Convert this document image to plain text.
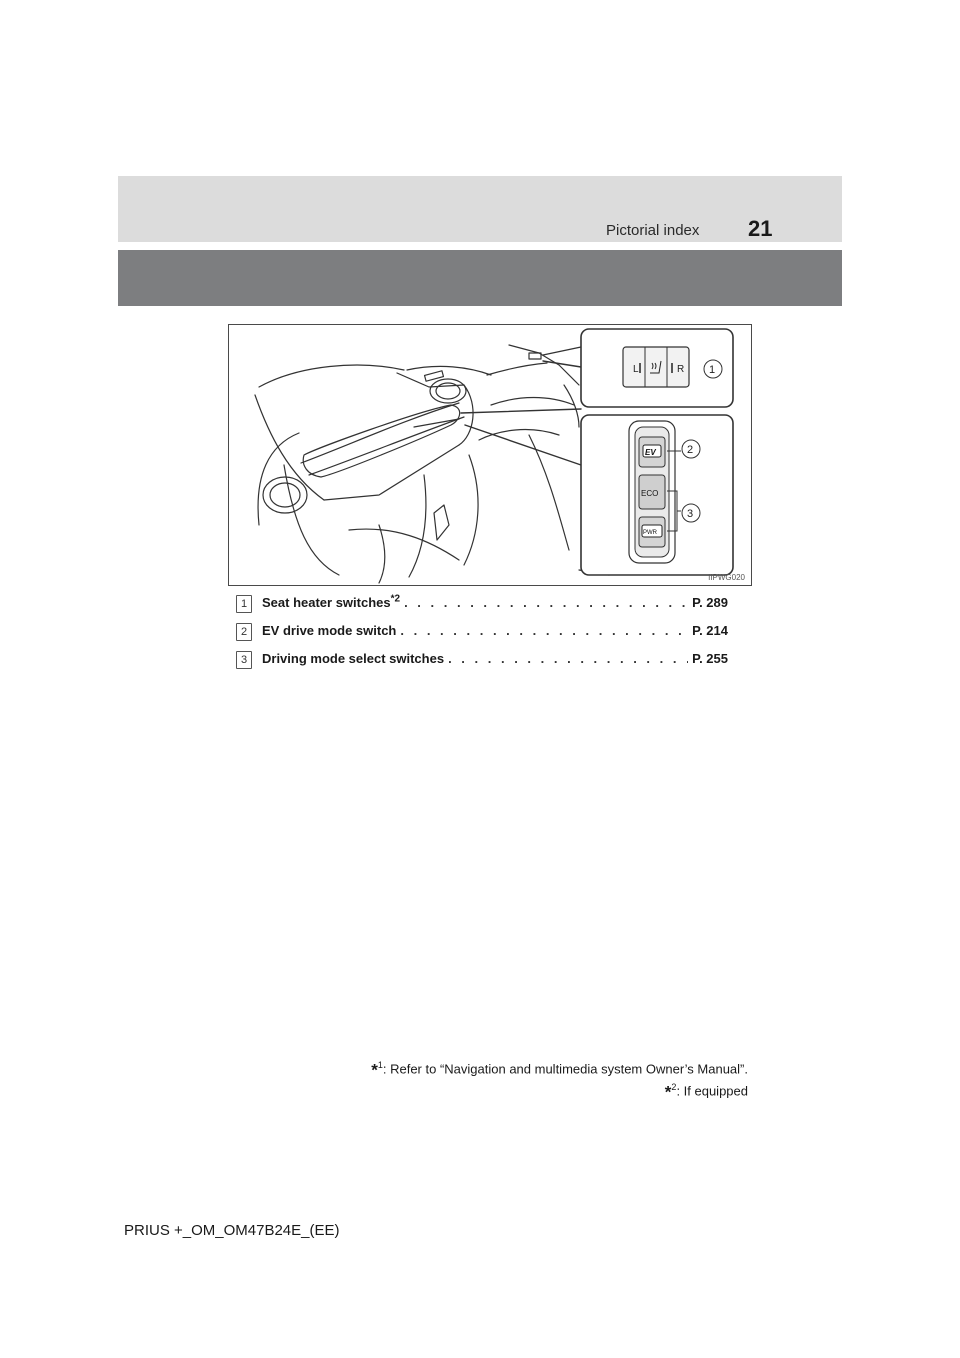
Pictorial index 21
L	R 1
EV
ECO
PWR
2
3
IIPWG020
1	Seat heater switches$^{*2}$ . . .	P. 289
2	EV drive mode switch . . .	P. 214
3	Driving mode select switches . . .	P. 255
*$^1$: Refer to “Navigation and multimedia system Owner’s Manual”.
*$^2$: If equipped
PRIUS +_OM_OM47B24E_(EE)
